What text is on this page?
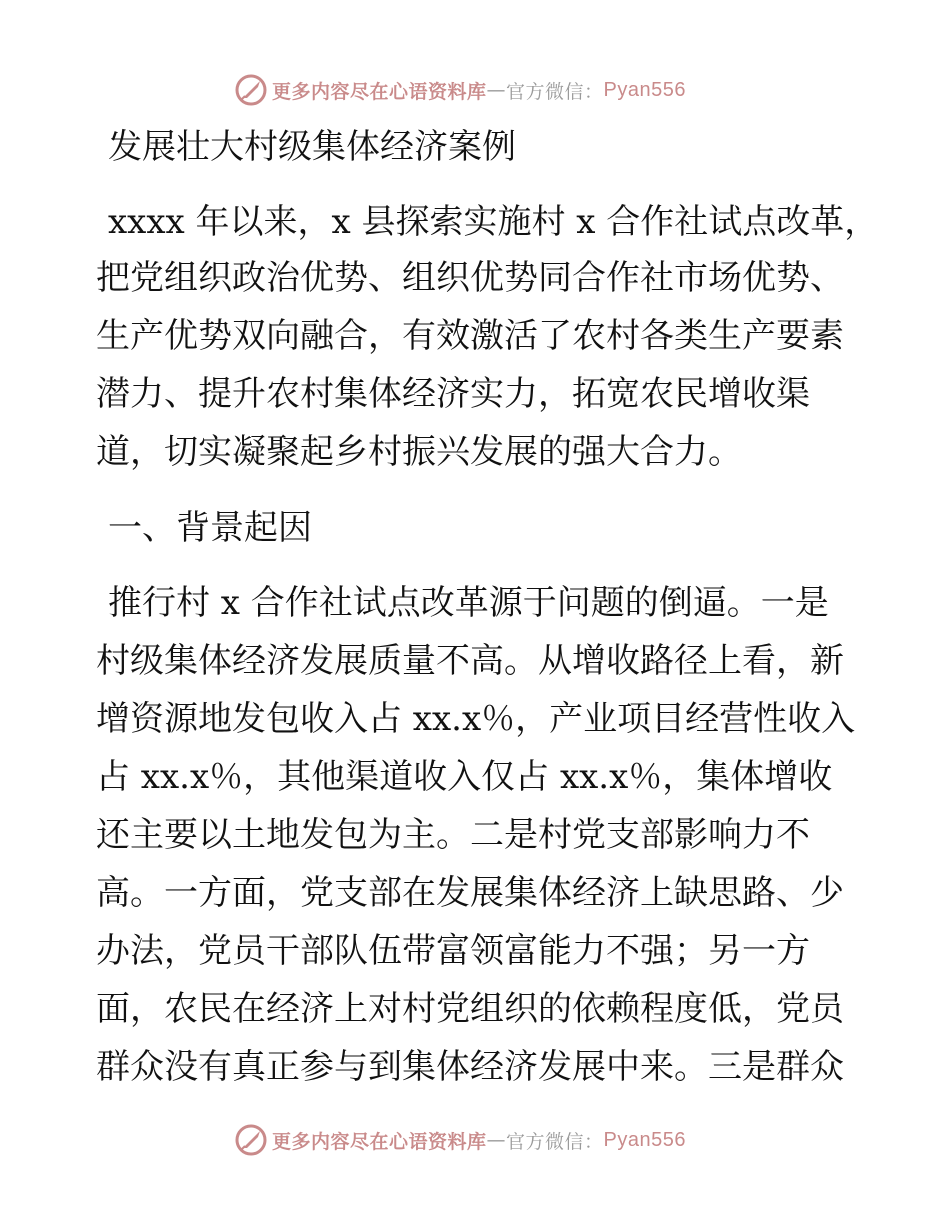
更多内容尽在心语资料库 — 官方微信： Pyan556
发展壮大村级集体经济案例
xxxx 年以来，x 县探索实施村 x 合作社试点改革，
把党组织政治优势、组织优势同合作社市场优势、
生产优势双向融合，有效激活了农村各类生产要素
潜力、提升农村集体经济实力，拓宽农民增收渠
道，切实凝聚起乡村振兴发展的强大合力。
一、背景起因
推行村 x 合作社试点改革源于问题的倒逼。一是
村级集体经济发展质量不高。从增收路径上看，新
增资源地发包收入占 xx.x％，产业项目经营性收入
占 xx.x％，其他渠道收入仅占 xx.x％，集体增收
还主要以土地发包为主。二是村党支部影响力不
高。一方面，党支部在发展集体经济上缺思路、少
办法，党员干部队伍带富领富能力不强；另一方
面，农民在经济上对村党组织的依赖程度低，党员
群众没有真正参与到集体经济发展中来。三是群众
更多内容尽在心语资料库 — 官方微信： Pyan556
